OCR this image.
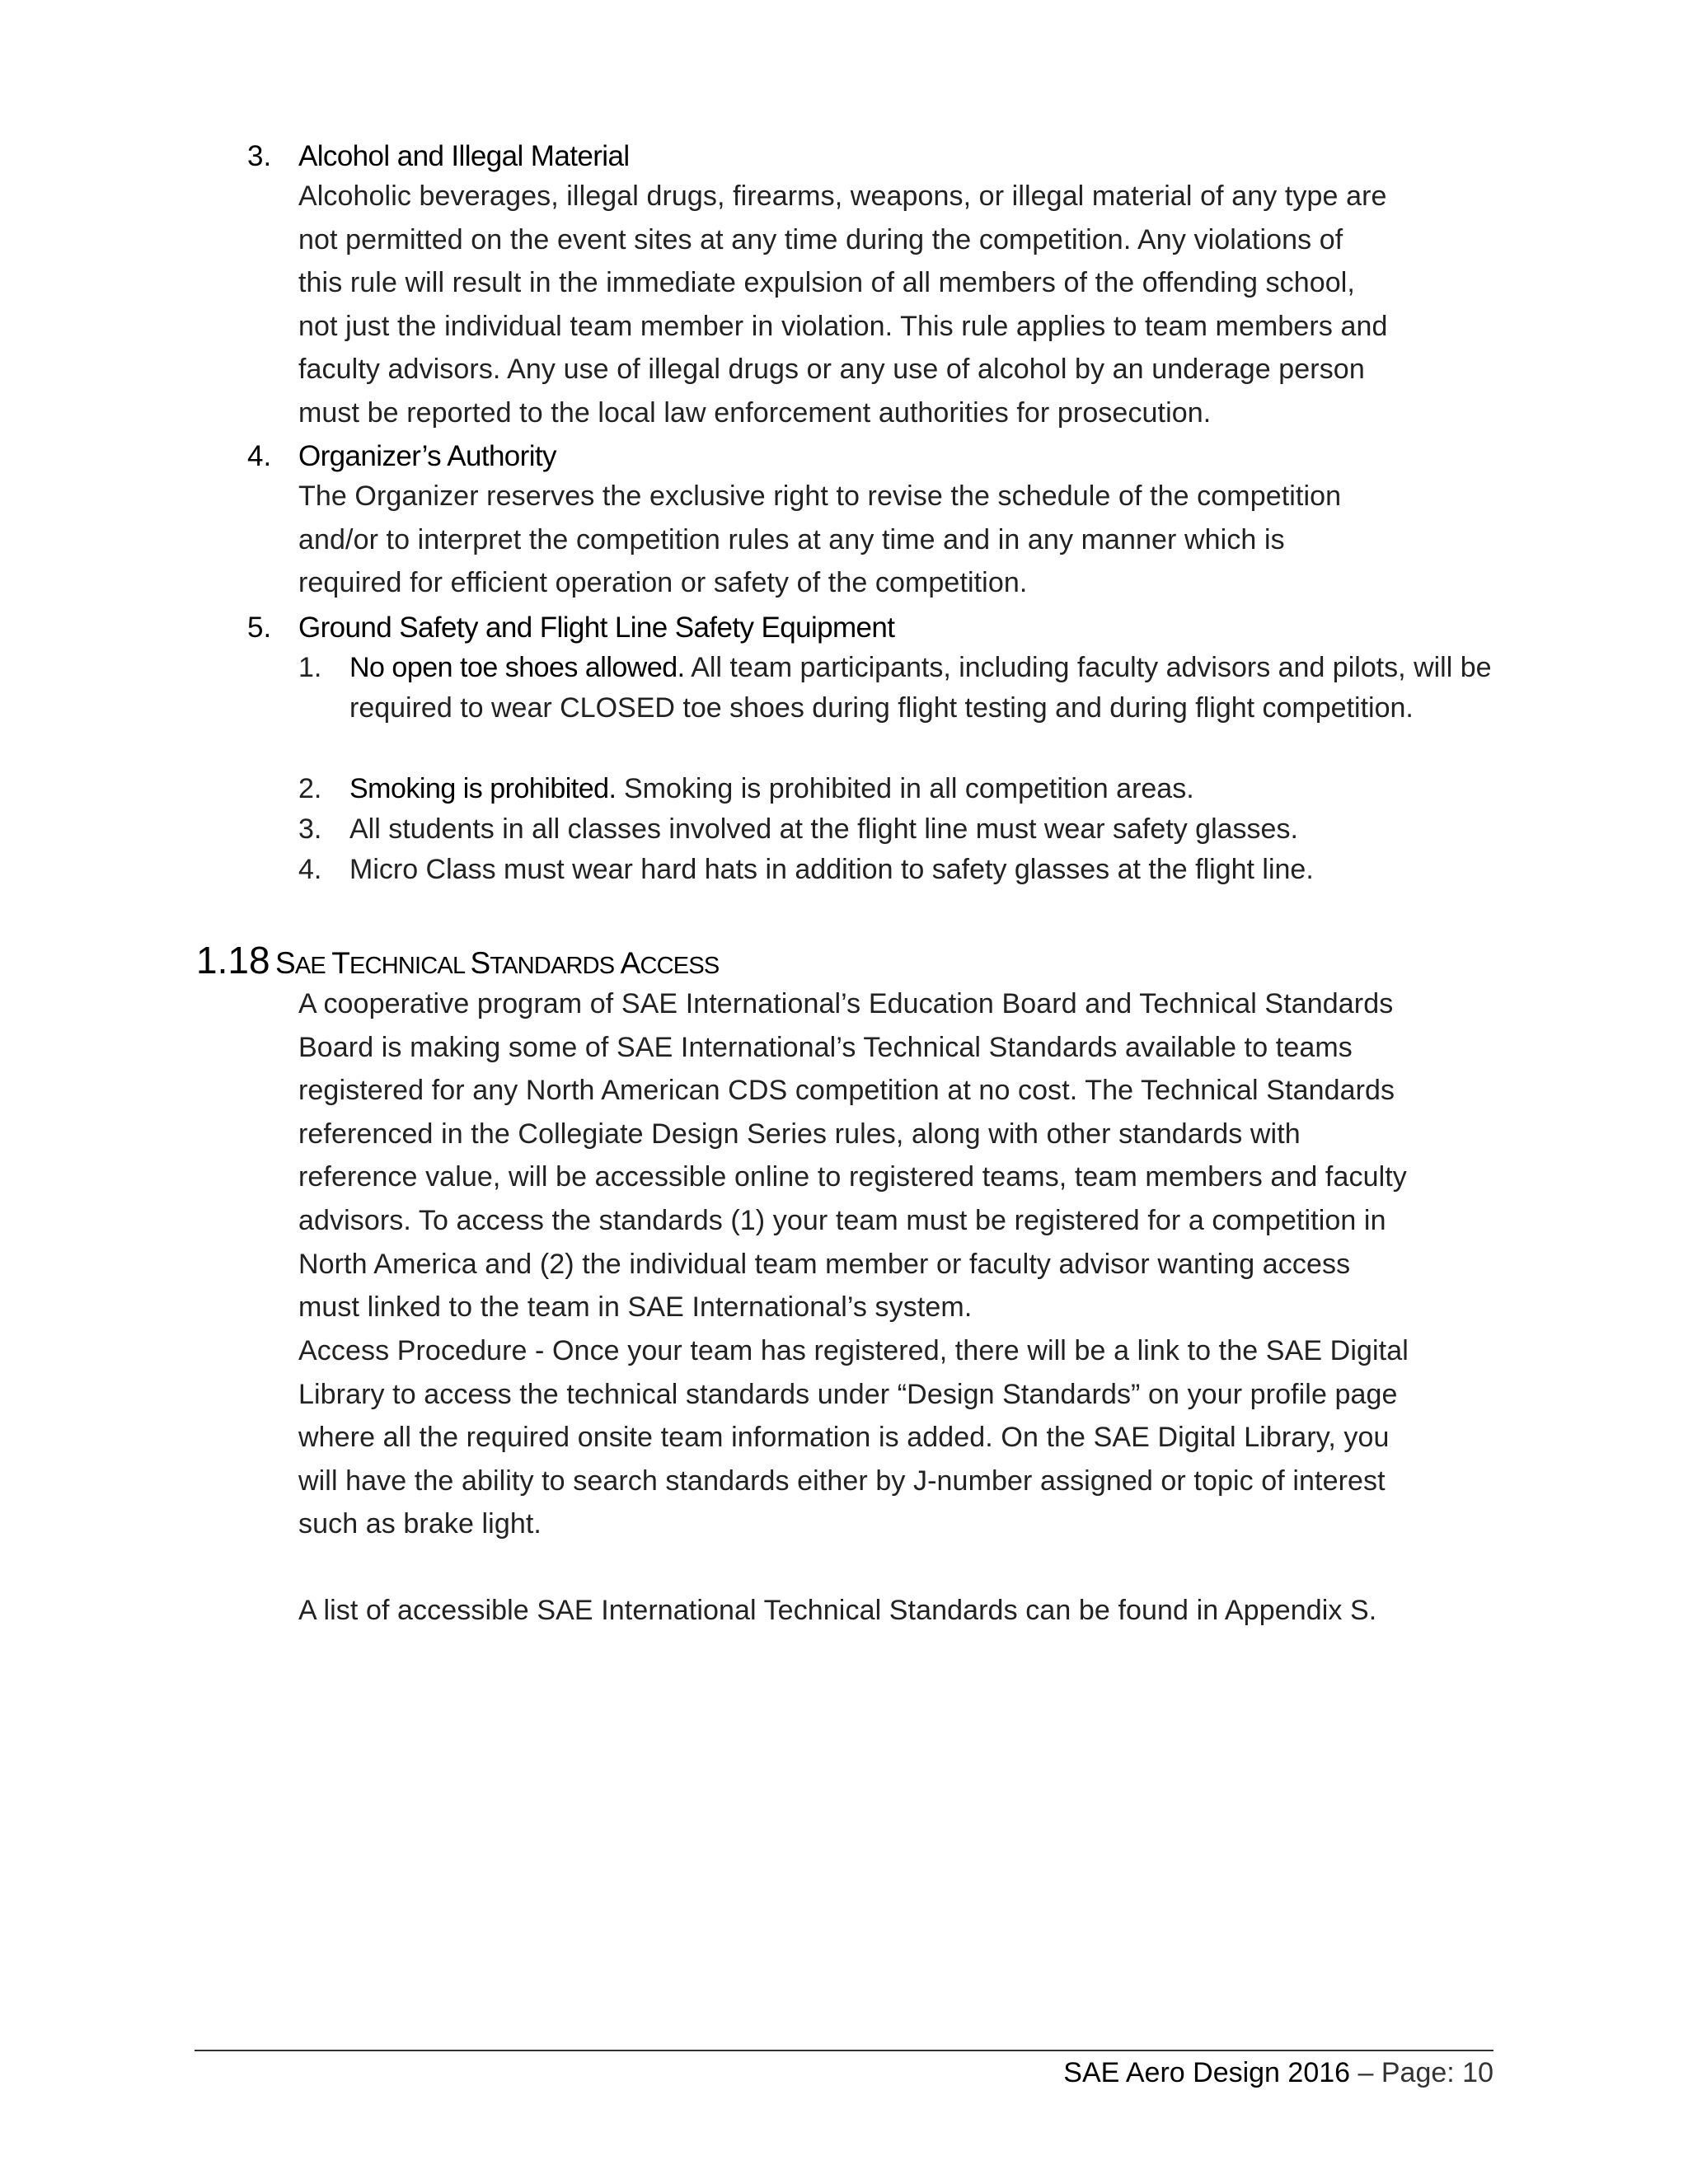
3. Alcohol and Illegal Material
Alcoholic beverages, illegal drugs, firearms, weapons, or illegal material of any type are
not permitted on the event sites at any time during the competition. Any violations of
this rule will result in the immediate expulsion of all members of the offending school,
not just the individual team member in violation. This rule applies to team members and
faculty advisors. Any use of illegal drugs or any use of alcohol by an underage person
must be reported to the local law enforcement authorities for prosecution.
4. Organizer’s Authority
The Organizer reserves the exclusive right to revise the schedule of the competition
and/or to interpret the competition rules at any time and in any manner which is
required for efficient operation or safety of the competition.
5. Ground Safety and Flight Line Safety Equipment
1. No open toe shoes allowed. All team participants, including faculty advisors and pilots, will be required to wear CLOSED toe shoes during flight testing and during flight competition.
2. Smoking is prohibited. Smoking is prohibited in all competition areas.
3. All students in all classes involved at the flight line must wear safety glasses.
4. Micro Class must wear hard hats in addition to safety glasses at the flight line.
1.18 SAE TECHNICAL STANDARDS ACCESS
A cooperative program of SAE International’s Education Board and Technical Standards
Board is making some of SAE International’s Technical Standards available to teams
registered for any North American CDS competition at no cost. The Technical Standards
referenced in the Collegiate Design Series rules, along with other standards with
reference value, will be accessible online to registered teams, team members and faculty
advisors. To access the standards (1) your team must be registered for a competition in
North America and (2) the individual team member or faculty advisor wanting access
must linked to the team in SAE International’s system.
Access Procedure - Once your team has registered, there will be a link to the SAE Digital
Library to access the technical standards under “Design Standards” on your profile page
where all the required onsite team information is added. On the SAE Digital Library, you
will have the ability to search standards either by J-number assigned or topic of interest
such as brake light.
A list of accessible SAE International Technical Standards can be found in Appendix S.
SAE Aero Design 2016 – Page: 10
